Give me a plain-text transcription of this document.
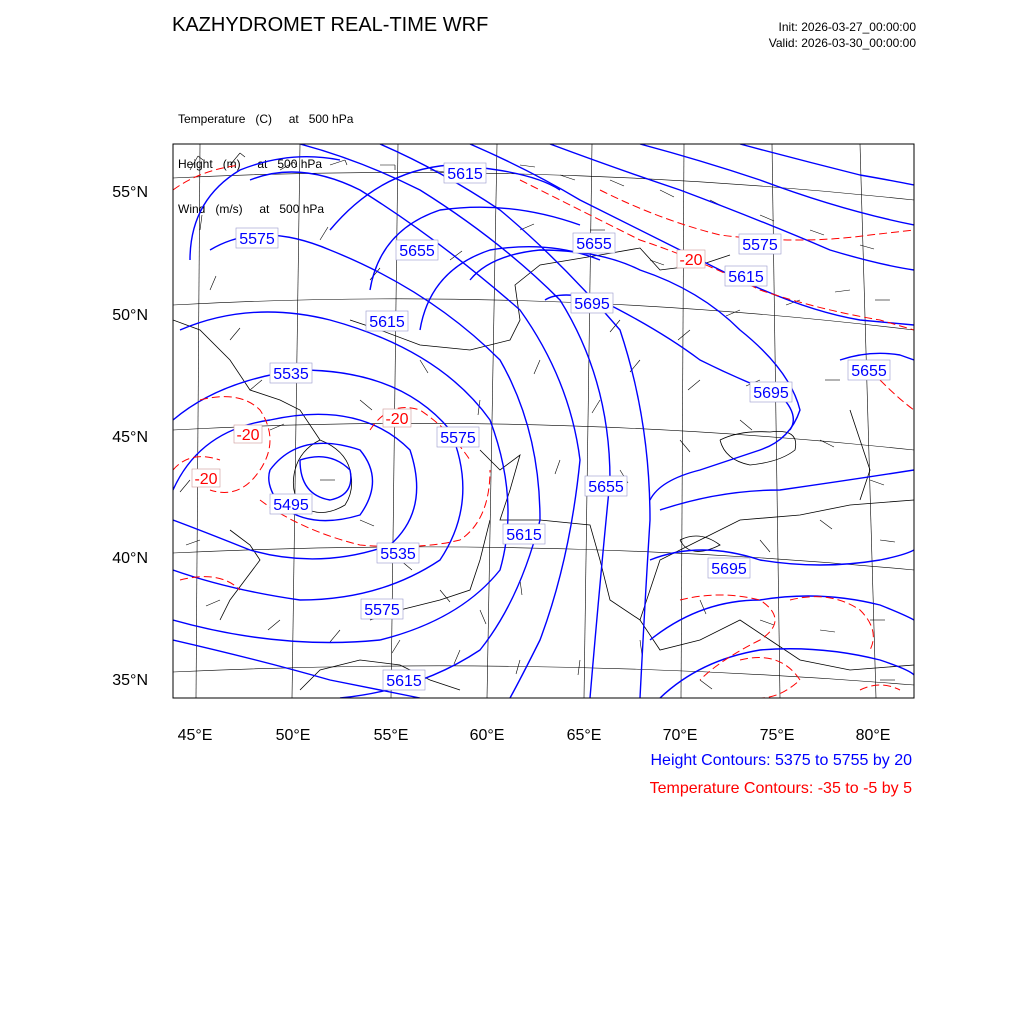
KAZHYDROMET REAL-TIME WRF	Init: 2026-03-27_00:00:00
Valid: 2026-03-30_00:00:00

Temperature   (C)     at   500 hPa

Height   (m)     at   500 hPa

Wind   (m/s)     at   500 hPa

5615
5575
5655	5655	5575
5615
5695
5615
5655
5535
5695
5575
5495
5655
5615
5535
5695
5575
5615
-20
-20
-20
-20
55°N
50°N
45°N
40°N
35°N
45°E	50°E	55°E	60°E	65°E	70°E	75°E	80°E
Height Contours: 5375 to 5755 by 20
Temperature Contours: -35 to -5 by 5
